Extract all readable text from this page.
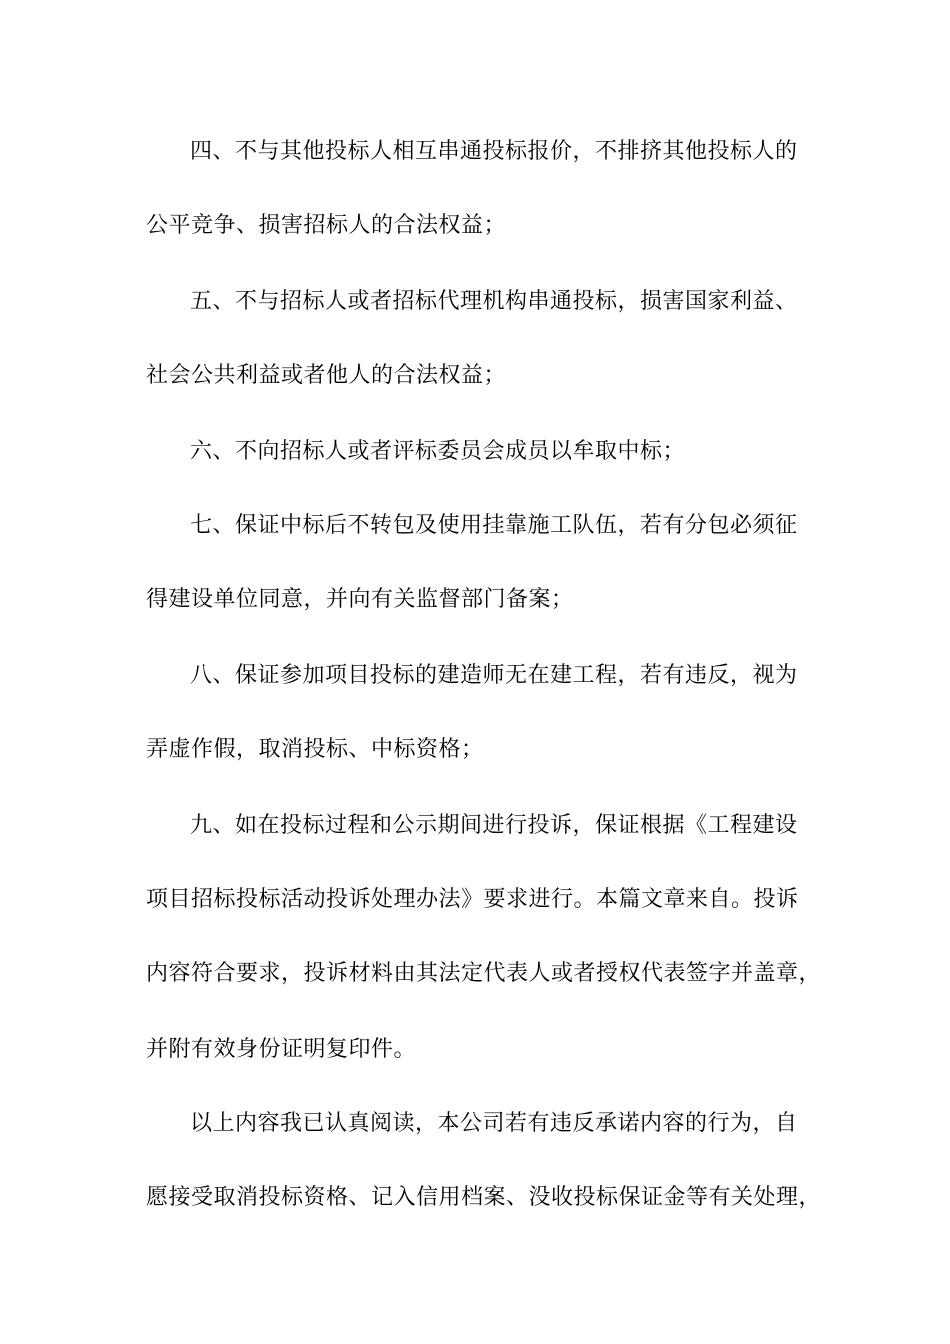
四、不与其他投标人相互串通投标报价，不排挤其他投标人的
公平竞争、损害招标人的合法权益；
五、不与招标人或者招标代理机构串通投标，损害国家利益、
社会公共利益或者他人的合法权益；
六、不向招标人或者评标委员会成员以牟取中标；
七、保证中标后不转包及使用挂靠施工队伍，若有分包必须征
得建设单位同意，并向有关监督部门备案；
八、保证参加项目投标的建造师无在建工程，若有违反，视为
弄虚作假，取消投标、中标资格；
九、如在投标过程和公示期间进行投诉，保证根据《工程建设
项目招标投标活动投诉处理办法》要求进行。本篇文章来自。投诉
内容符合要求，投诉材料由其法定代表人或者授权代表签字并盖章，
并附有效身份证明复印件。
以上内容我已认真阅读，本公司若有违反承诺内容的行为，自
愿接受取消投标资格、记入信用档案、没收投标保证金等有关处理，
